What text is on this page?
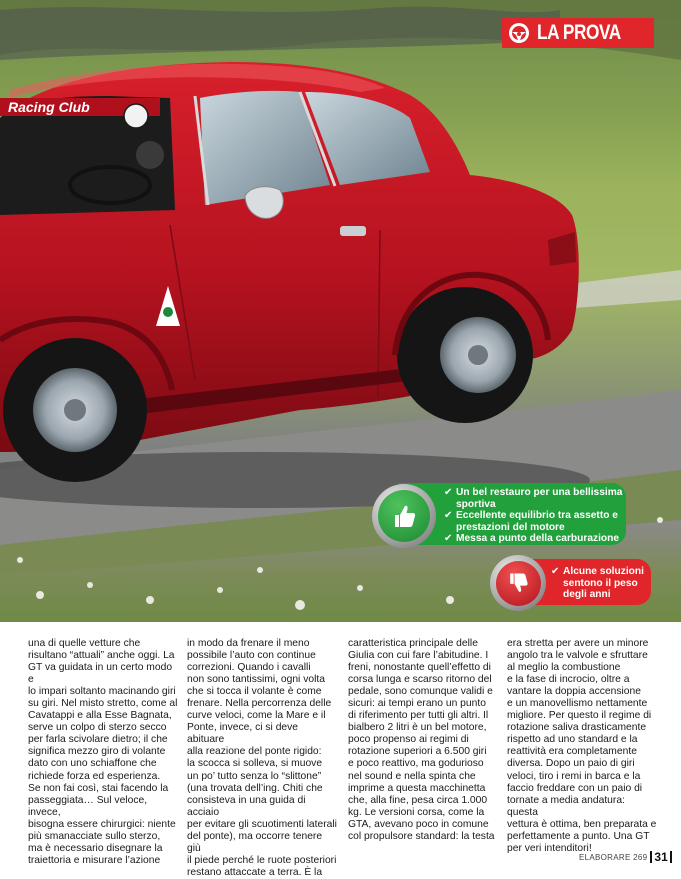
Racing Club
LA PROVA
✔ Un bel restauro per una bellissima sportiva
✔ Eccellente equilibrio tra assetto e prestazioni del motore
✔ Messa a punto della carburazione
✔ Alcune soluzioni sentono il peso degli anni

una di quelle vetture che
risultano “attuali” anche oggi. La
GT va guidata in un certo modo e
lo impari soltanto macinando giri
su giri. Nel misto stretto, come al
Cavatappi e alla Esse Bagnata,
serve un colpo di sterzo secco
per farla scivolare dietro; il che
significa mezzo giro di volante
dato con uno schiaffone che
richiede forza ed esperienza.
Se non fai così, stai facendo la
passeggiata… Sul veloce, invece,
bisogna essere chirurgici: niente
più smanacciate sullo sterzo,
ma è necessario disegnare la
traiettoria e misurare l’azione

in modo da frenare il meno
possibile l’auto con continue
correzioni. Quando i cavalli
non sono tantissimi, ogni volta
che si tocca il volante è come
frenare. Nella percorrenza delle
curve veloci, come la Mare e il
Ponte, invece, ci si deve abituare
alla reazione del ponte rigido:
la scocca si solleva, si muove
un po’ tutto senza lo “slittone”
(una trovata dell’ing. Chiti che
consisteva in una guida di acciaio
per evitare gli scuotimenti laterali
del ponte), ma occorre tenere giù
il piede perché le ruote posteriori
restano attaccate a terra. È la

caratteristica principale delle
Giulia con cui fare l’abitudine. I
freni, nonostante quell’effetto di
corsa lunga e scarso ritorno del
pedale, sono comunque validi e
sicuri: ai tempi erano un punto
di riferimento per tutti gli altri. Il
bialbero 2 litri è un bel motore,
poco propenso ai regimi di
rotazione superiori a 6.500 giri
e poco reattivo, ma godurioso
nel sound e nella spinta che
imprime a questa macchinetta
che, alla fine, pesa circa 1.000
kg. Le versioni corsa, come la
GTA, avevano poco in comune
col propulsore standard: la testa

era stretta per avere un minore
angolo tra le valvole e sfruttare
al meglio la combustione
e la fase di incrocio, oltre a
vantare la doppia accensione
e un manovellismo nettamente
migliore. Per questo il regime di
rotazione saliva drasticamente
rispetto ad uno standard e la
reattività era completamente
diversa. Dopo un paio di giri
veloci, tiro i remi in barca e la
faccio freddare con un paio di
tornate a media andatura: questa
vettura è ottima, ben preparata e
perfettamente a punto. Una GT
per veri intenditori!

ELABORARE 269 31
